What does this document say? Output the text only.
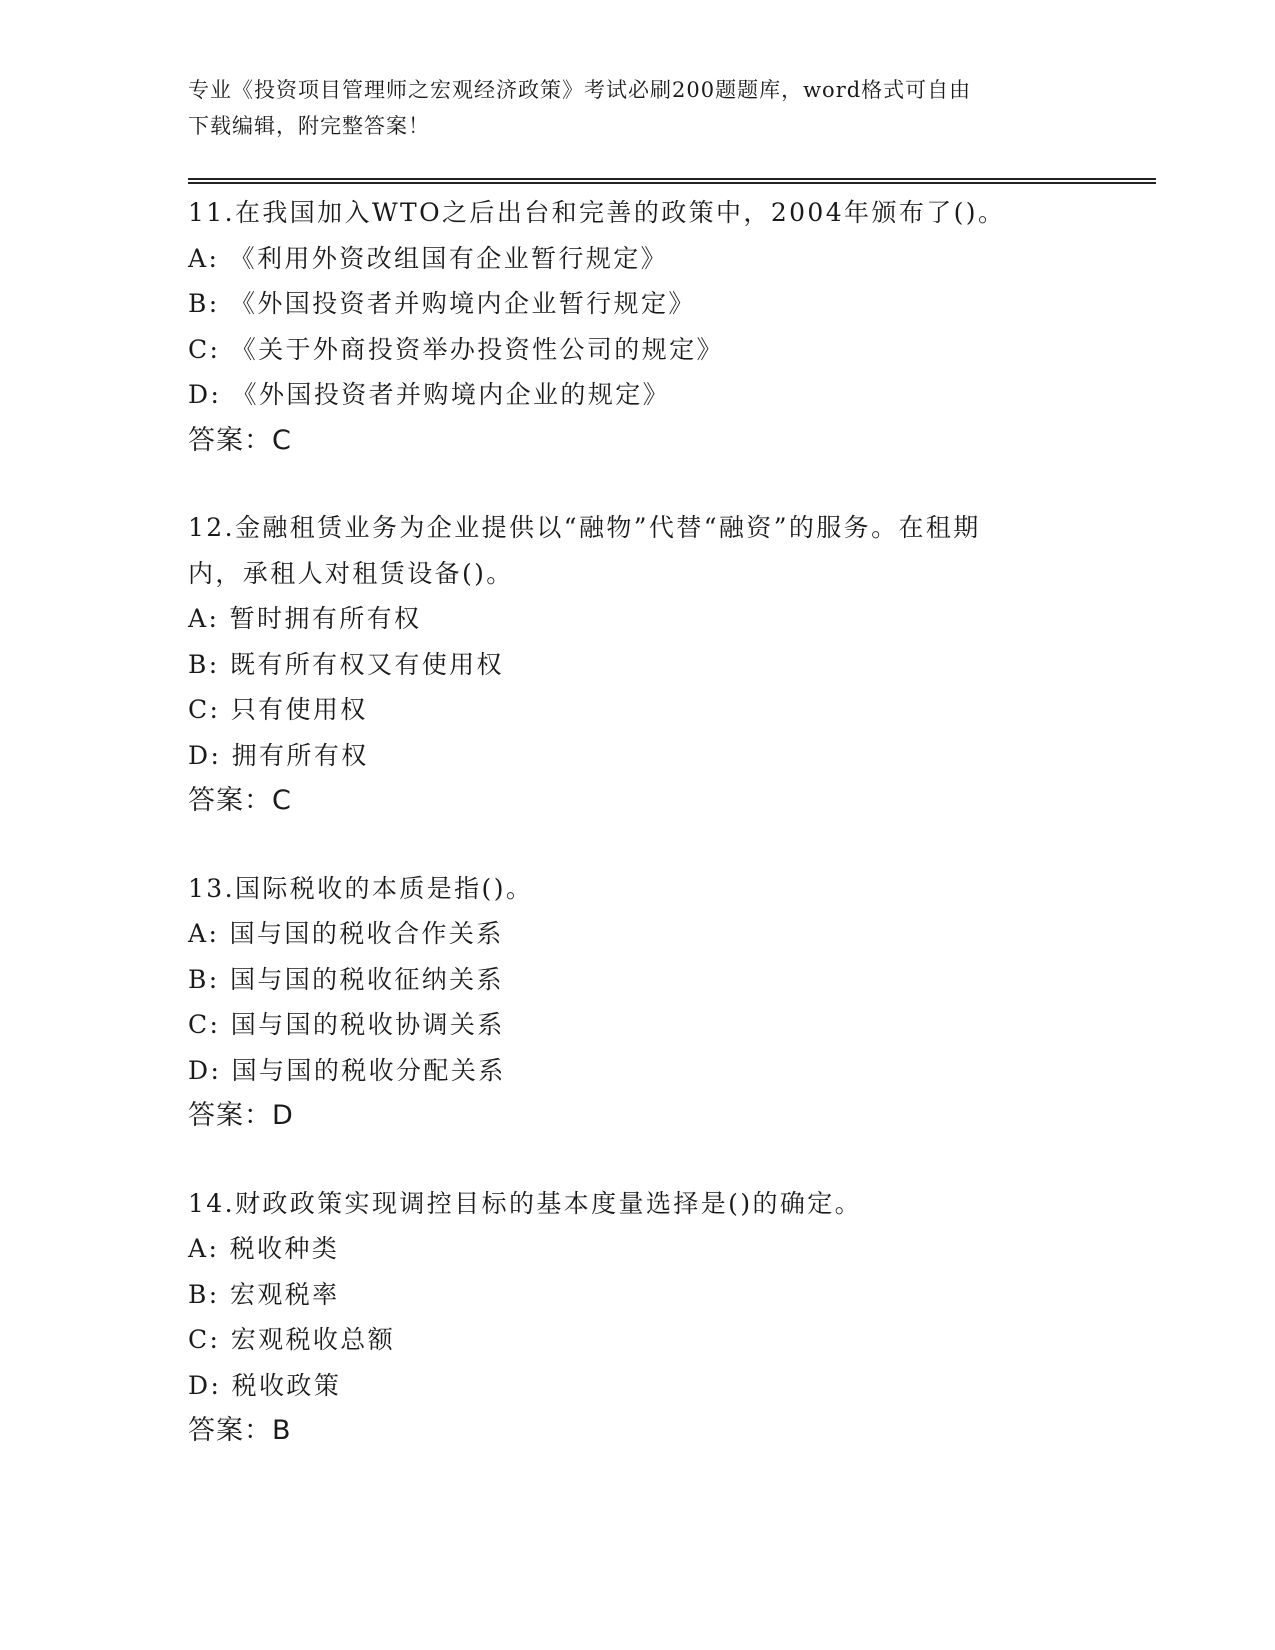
专业《投资项目管理师之宏观经济政策》考试必刷200题题库，word格式可自由
下载编辑，附完整答案！
11.在我国加入WTO之后出台和完善的政策中，2004年颁布了()。
A: 《利用外资改组国有企业暂行规定》
B: 《外国投资者并购境内企业暂行规定》
C: 《关于外商投资举办投资性公司的规定》
D: 《外国投资者并购境内企业的规定》
答案：C
12.金融租赁业务为企业提供以“融物”代替“融资”的服务。在租期
内，承租人对租赁设备()。
A: 暂时拥有所有权
B: 既有所有权又有使用权
C: 只有使用权
D: 拥有所有权
答案：C
13.国际税收的本质是指()。
A: 国与国的税收合作关系
B: 国与国的税收征纳关系
C: 国与国的税收协调关系
D: 国与国的税收分配关系
答案：D
14.财政政策实现调控目标的基本度量选择是()的确定。
A: 税收种类
B: 宏观税率
C: 宏观税收总额
D: 税收政策
答案：B
